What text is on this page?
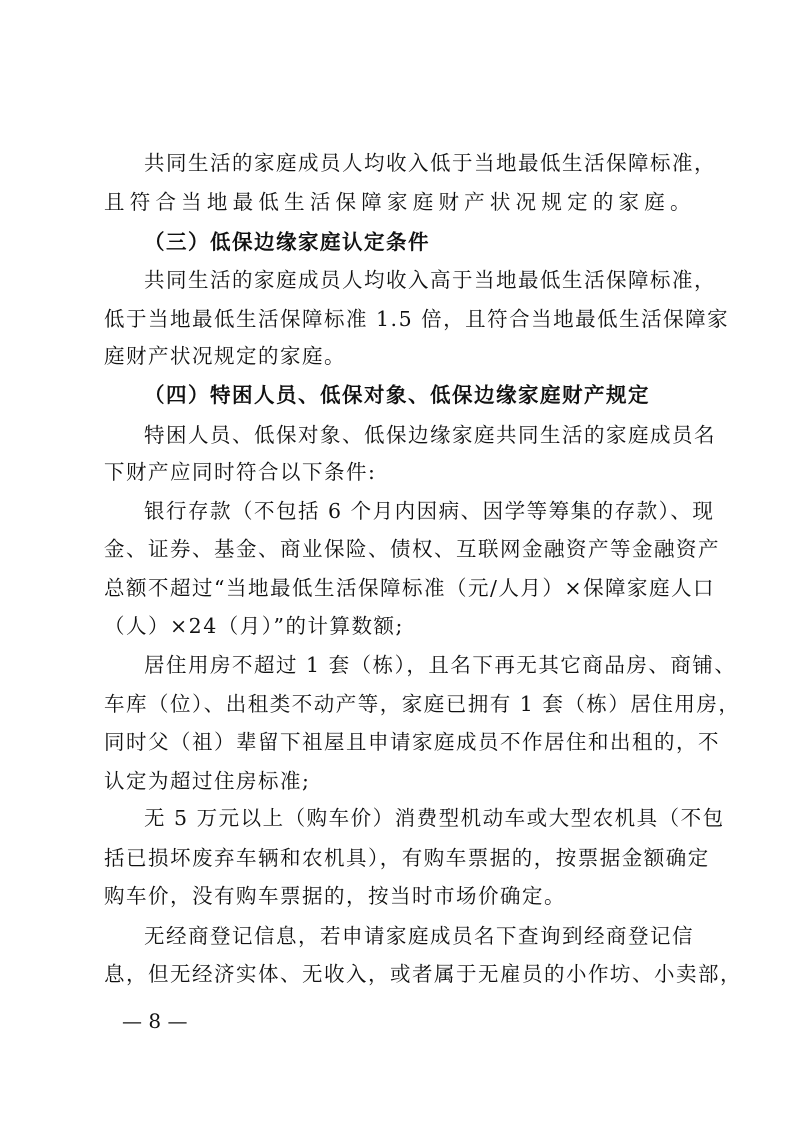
共同生活的家庭成员人均收入低于当地最低生活保障标准，
且符合当地最低生活保障家庭财产状况规定的家庭。
（三）低保边缘家庭认定条件
共同生活的家庭成员人均收入高于当地最低生活保障标准，
低于当地最低生活保障标准 1.5 倍，且符合当地最低生活保障家
庭财产状况规定的家庭。
（四）特困人员、低保对象、低保边缘家庭财产规定
特困人员、低保对象、低保边缘家庭共同生活的家庭成员名
下财产应同时符合以下条件:
银行存款（不包括 6 个月内因病、因学等筹集的存款）、现
金、证券、基金、商业保险、债权、互联网金融资产等金融资产
总额不超过“当地最低生活保障标准（元/人月）×保障家庭人口
（人）×24（月）”的计算数额;
居住用房不超过 1 套（栋），且名下再无其它商品房、商铺、
车库（位）、出租类不动产等，家庭已拥有 1 套（栋）居住用房，
同时父（祖）辈留下祖屋且申请家庭成员不作居住和出租的，不
认定为超过住房标准;
无 5 万元以上（购车价）消费型机动车或大型农机具（不包
括已损坏废弃车辆和农机具），有购车票据的，按票据金额确定
购车价，没有购车票据的，按当时市场价确定。
无经商登记信息，若申请家庭成员名下查询到经商登记信
息，但无经济实体、无收入，或者属于无雇员的小作坊、小卖部，
— 8 —
